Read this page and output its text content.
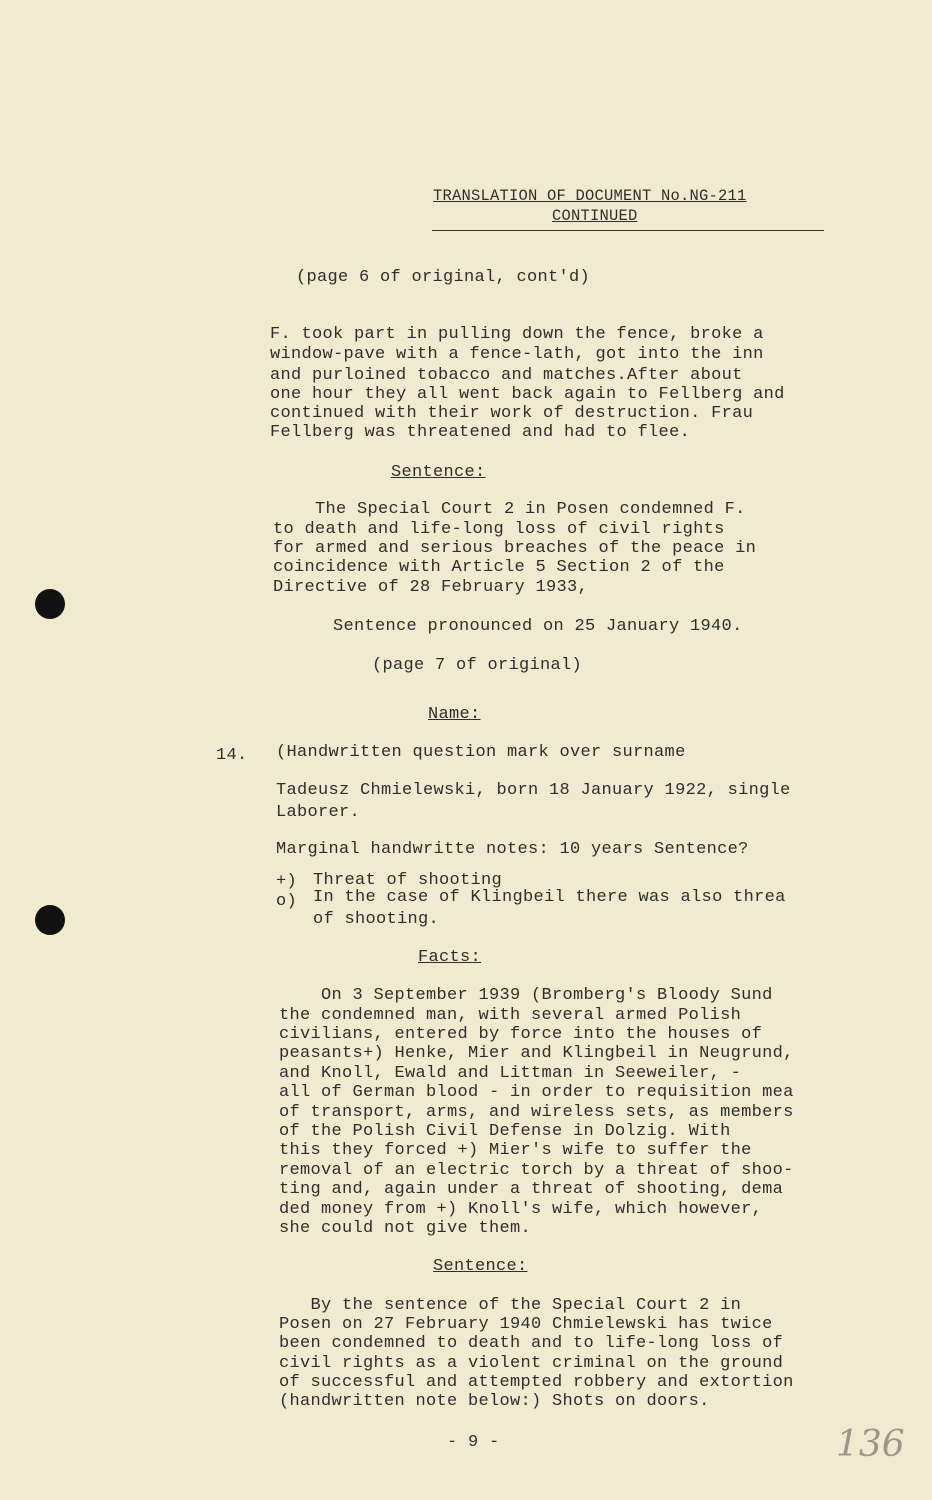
TRANSLATION OF DOCUMENT No.NG-211
CONTINUED
(page 6 of original, cont'd)
F. took part in pulling down the fence, broke a
window-pave with a fence-lath, got into the inn
and purloined tobacco and matches.After about
one hour they all went back again to Fellberg and
continued with their work of destruction. Frau
Fellberg was threatened and had to flee.
Sentence:
The Special Court 2 in Posen condemned F.
to death and life-long loss of civil rights
for armed and serious breaches of the peace in
coincidence with Article 5 Section 2 of the
Directive of 28 February 1933,
Sentence pronounced on 25 January 1940.
(page 7 of original)
Name:
14. (Handwritten question mark over surname
Tadeusz Chmielewski, born 18 January 1922, single
Laborer.
Marginal handwritte notes: 10 years Sentence?
+) Threat of shooting
o) In the case of Klingbeil there was also threa
of shooting.
Facts:
On 3 September 1939 (Bromberg's Bloody Sund
the condemned man, with several armed Polish
civilians, entered by force into the houses of
peasants+) Henke, Mier and Klingbeil in Neugrund,
and Knoll, Ewald and Littman in Seeweiler, -
all of German blood - in order to requisition mea
of transport, arms, and wireless sets, as members
of the Polish Civil Defense in Dolzig. With
this they forced +) Mier's wife to suffer the
removal of an electric torch by a threat of shoo-
ting and, again under a threat of shooting, dema
ded money from +) Knoll's wife, which however,
she could not give them.
Sentence:
By the sentence of the Special Court 2 in
Posen on 27 February 1940 Chmielewski has twice
been condemned to death and to life-long loss of
civil rights as a violent criminal on the ground
of successful and attempted robbery and extortion
(handwritten note below:) Shots on doors.
- 9 -	136
